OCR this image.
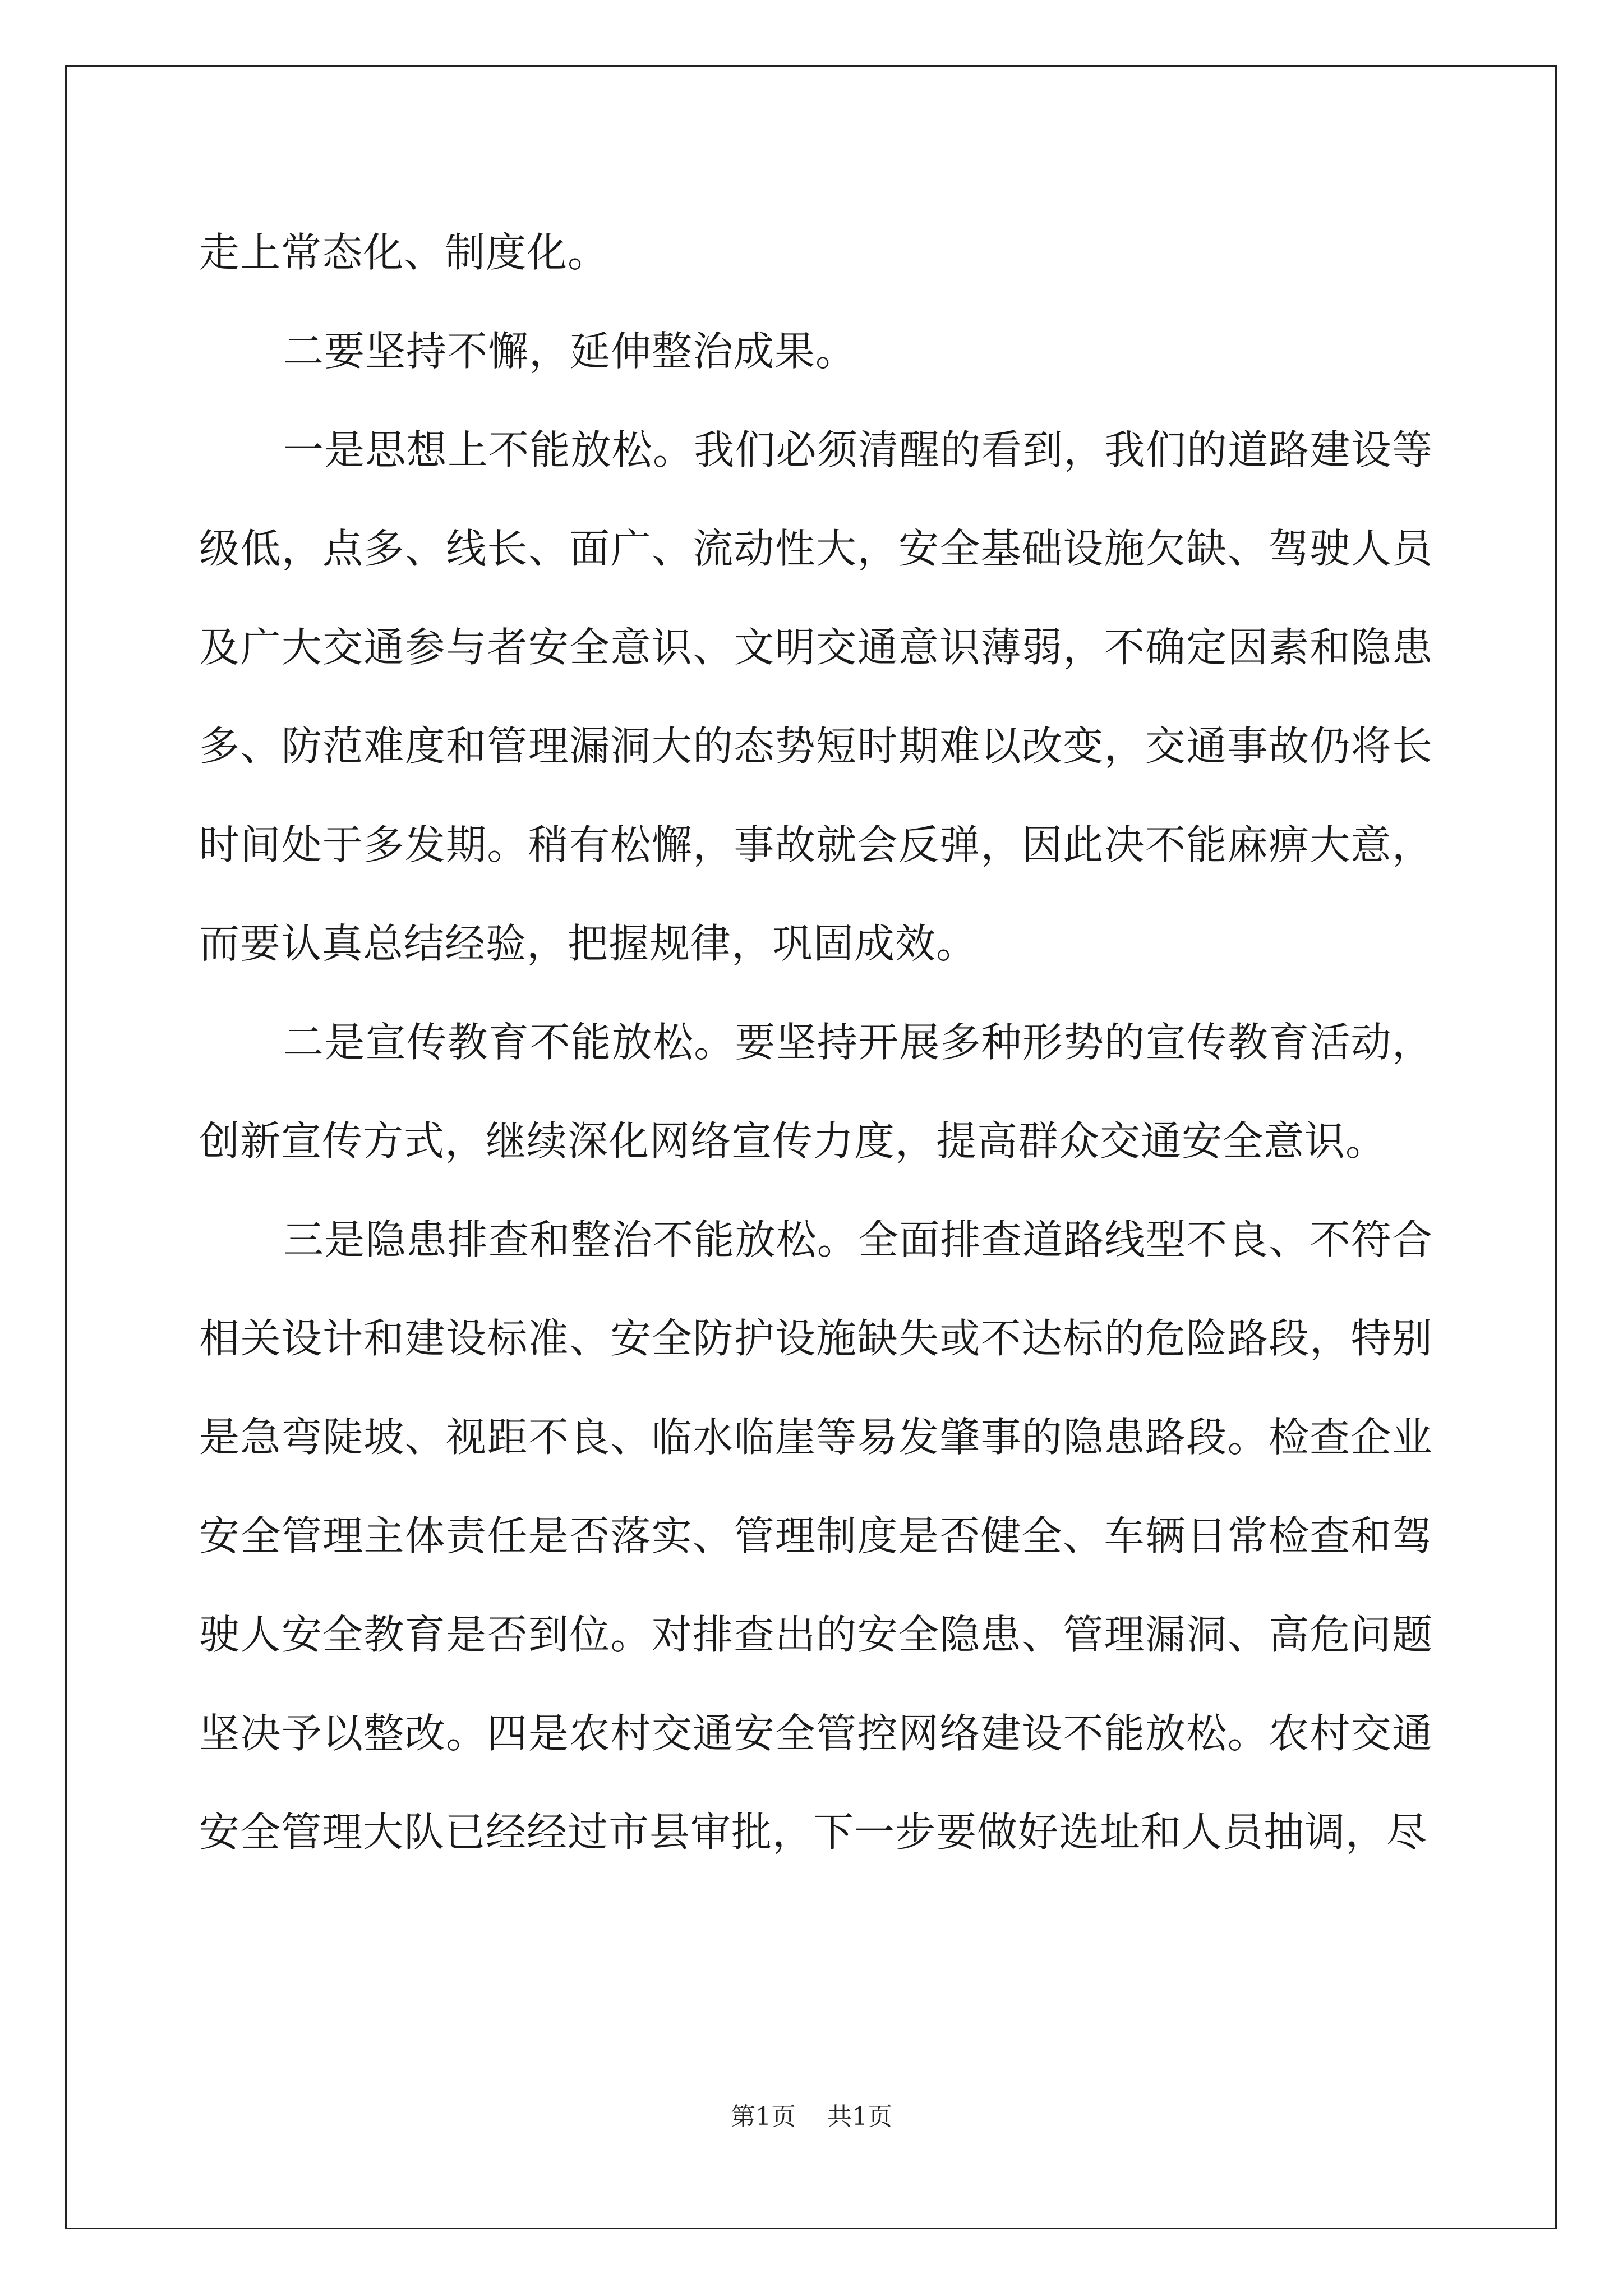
走上常态化、制度化。

二要坚持不懈，延伸整治成果。

一是思想上不能放松。我们必须清醒的看到，我们的道路建设等级低，点多、线长、面广、流动性大，安全基础设施欠缺、驾驶人员及广大交通参与者安全意识、文明交通意识薄弱，不确定因素和隐患多、防范难度和管理漏洞大的态势短时期难以改变，交通事故仍将长时间处于多发期。稍有松懈，事故就会反弹，因此决不能麻痹大意，而要认真总结经验，把握规律，巩固成效。

二是宣传教育不能放松。要坚持开展多种形势的宣传教育活动，创新宣传方式，继续深化网络宣传力度，提高群众交通安全意识。

三是隐患排查和整治不能放松。全面排查道路线型不良、不符合相关设计和建设标准、安全防护设施缺失或不达标的危险路段，特别是急弯陡坡、视距不良、临水临崖等易发肇事的隐患路段。检查企业安全管理主体责任是否落实、管理制度是否健全、车辆日常检查和驾驶人安全教育是否到位。对排查出的安全隐患、管理漏洞、高危问题坚决予以整改。四是农村交通安全管控网络建设不能放松。农村交通安全管理大队已经经过市县审批，下一步要做好选址和人员抽调，尽

第1页 共1页
